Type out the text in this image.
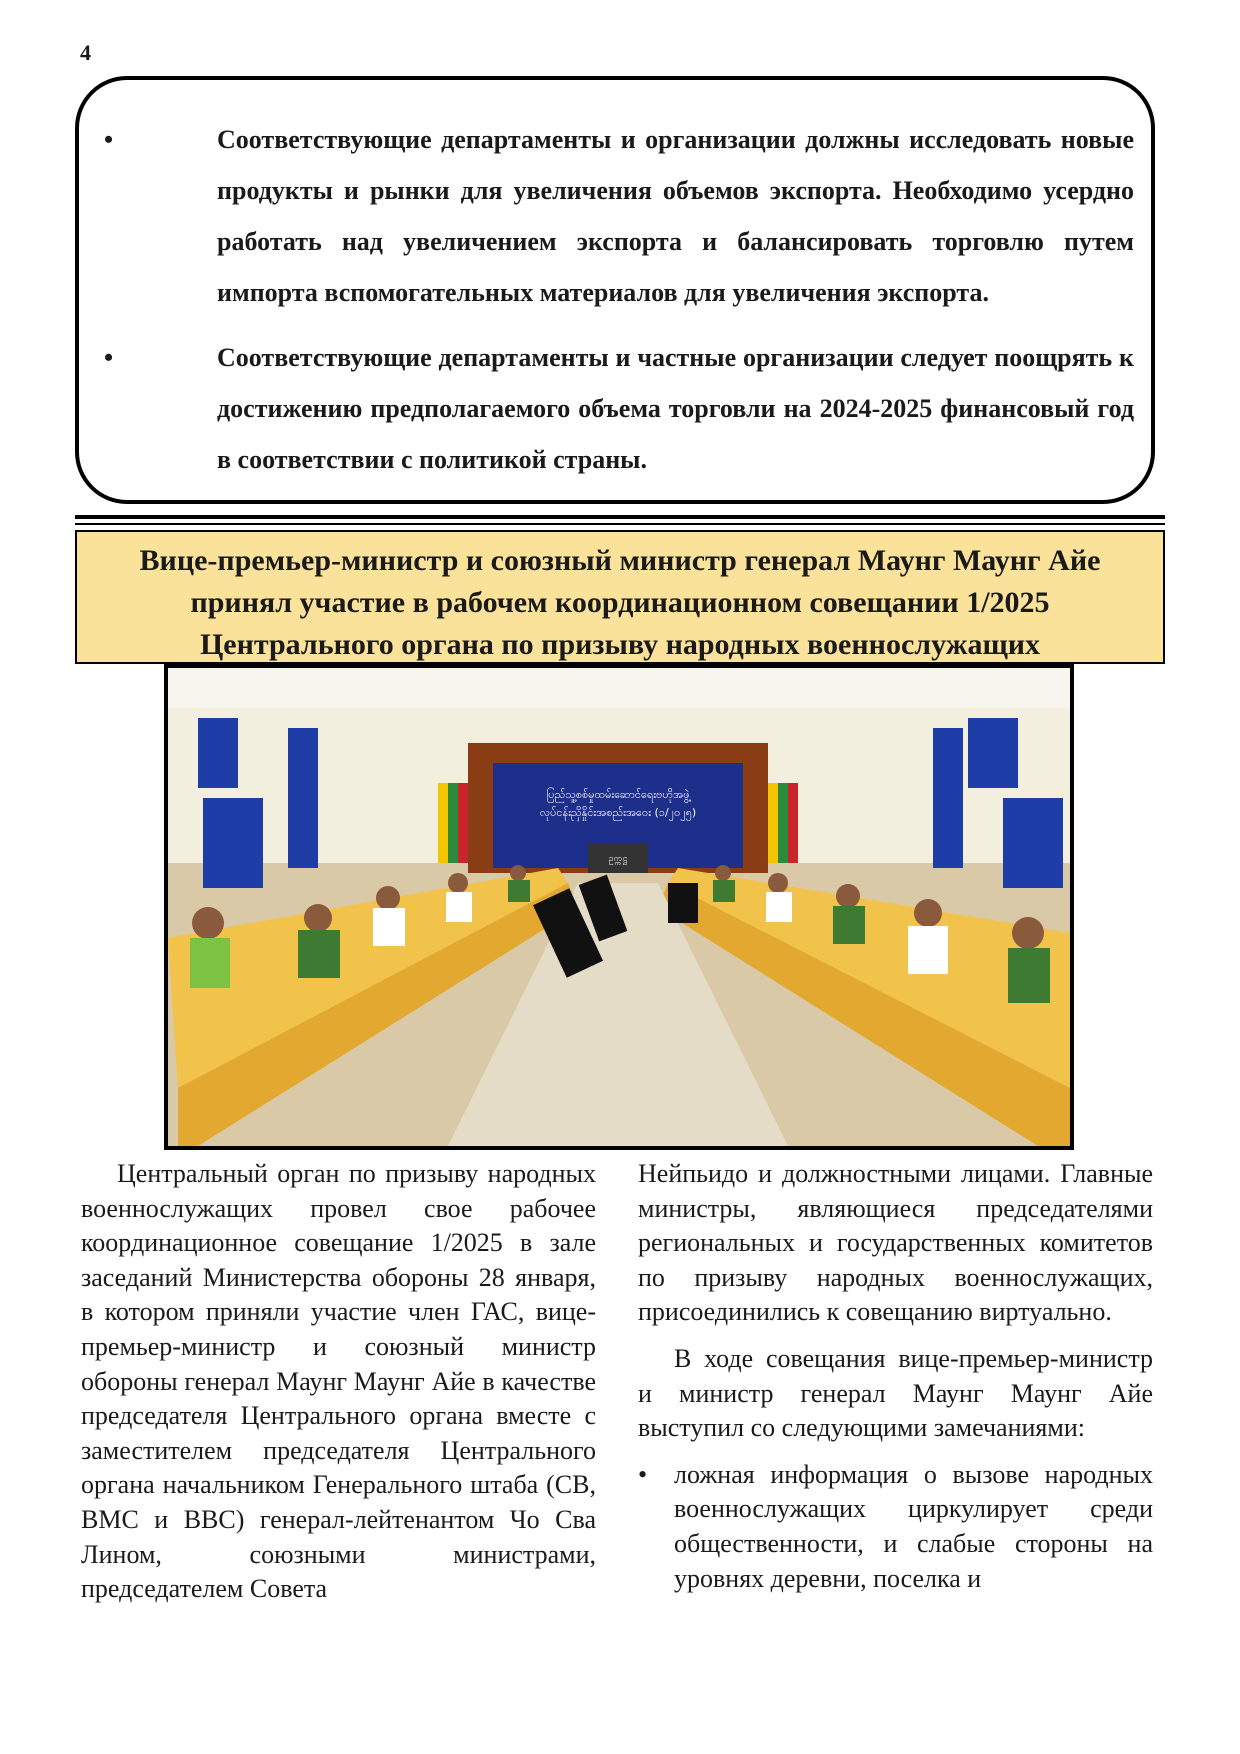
4
•	Соответствующие департаменты и организации должны исследовать новые продукты и рынки для увеличения объемов экспорта. Необходимо усердно работать над увеличением экспорта и балансировать торговлю путем импорта вспомогательных материалов для увеличения экспорта.
•	Соответствующие департаменты и частные организации следует поощрять к достижению предполагаемого объема торговли на 2024-2025 финансовый год в соответствии с политикой страны.
Вице-премьер-министр и союзный министр генерал Маунг Маунг Айе
принял участие в рабочем координационном совещании 1/2025
Центрального органа по призыву народных военнослужащих
ပြည်သူ့စစ်မှုထမ်းဆောင်ရေးဗဟိုအဖွဲ့
လုပ်ငန်းညှိနှိုင်းအစည်းအဝေး (၁/၂၀၂၅)
ဥက္ကဋ္ဌ

Центральный орган по призыву народных военнослужащих провел свое рабочее координационное совещание 1/2025 в зале заседаний Министерства обороны 28 января, в котором приняли участие член ГАС, вице-премьер-министр и союзный министр обороны генерал Маунг Маунг Айе в качестве председателя Центрального органа вместе с заместителем председателя Центрального органа начальником Генерального штаба (СВ, ВМС и ВВС) генерал-лейтенантом Чо Сва Лином, союзными министрами, председателем Совета

Нейпьидо и должностными лицами. Главные министры, являющиеся председателями региональных и государственных комитетов по призыву народных военнослужащих, присоединились к совещанию виртуально.

В ходе совещания вице-премьер-министр и министр генерал Маунг Маунг Айе выступил со следующими замечаниями:

• ложная информация о вызове народных военнослужащих циркулирует среди общественности, и слабые стороны на уровнях деревни, поселка и
